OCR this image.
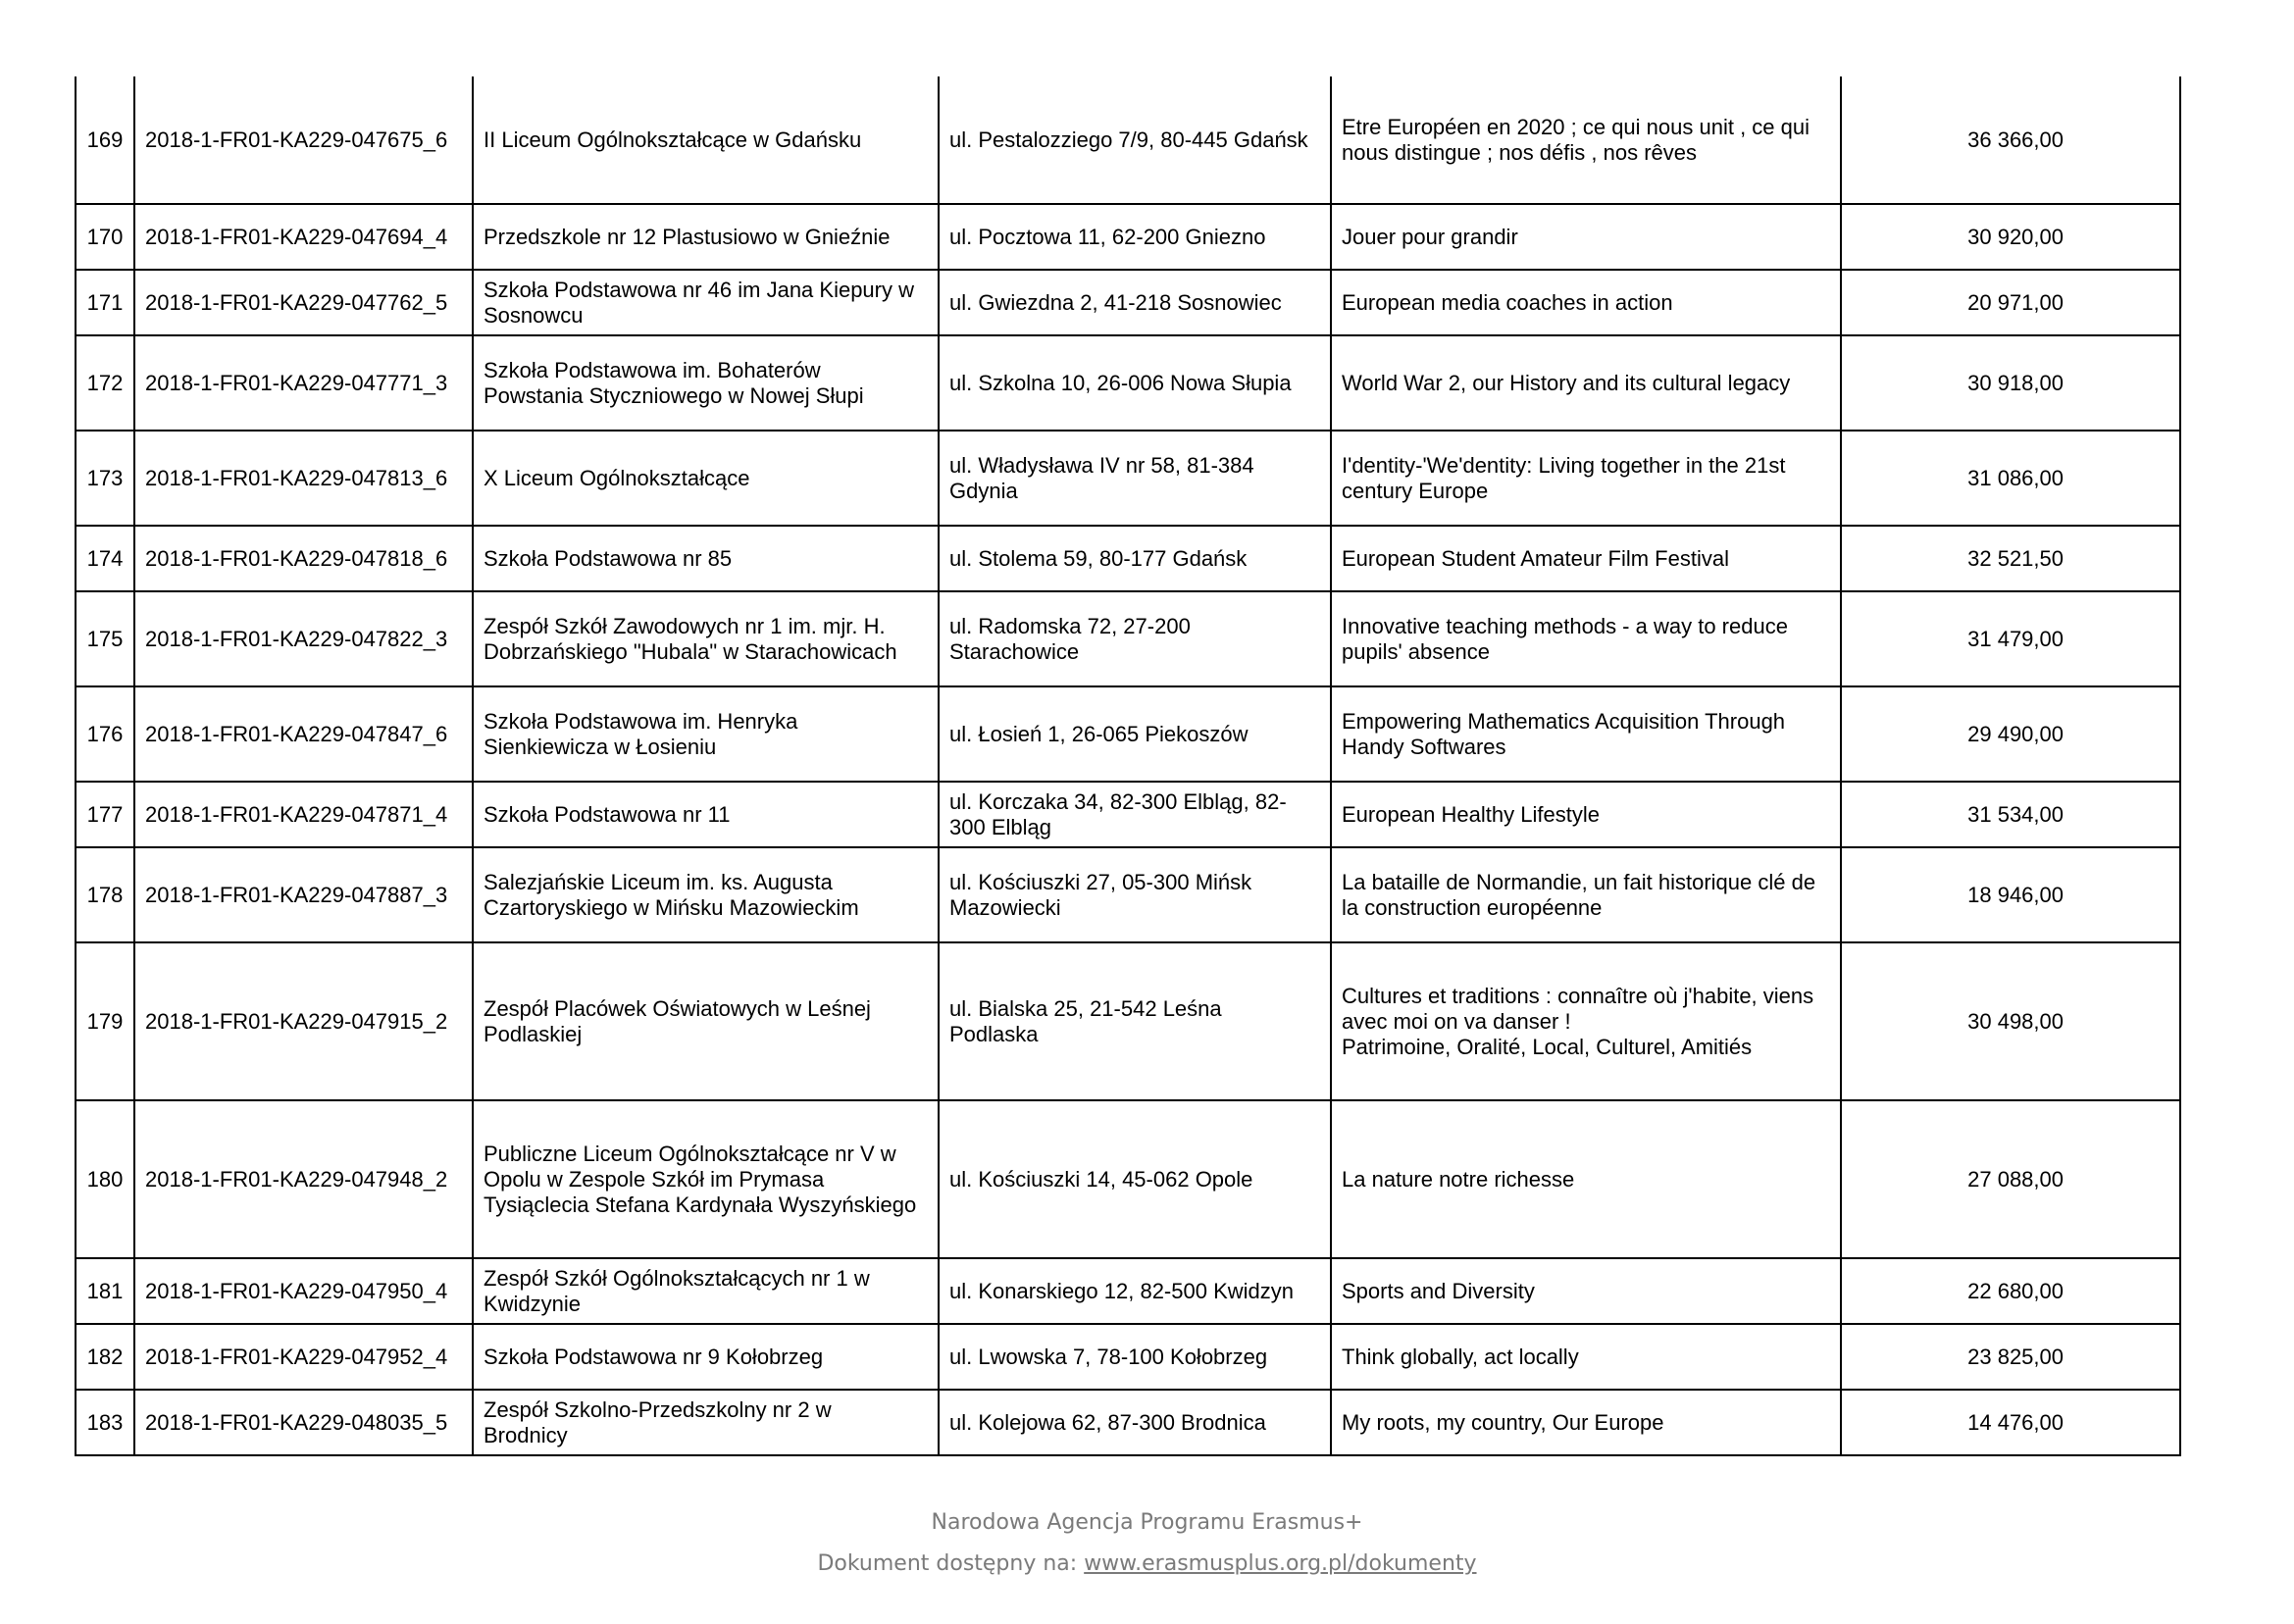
169	2018-1-FR01-KA229-047675_6	II Liceum Ogólnokształcące w Gdańsku	ul. Pestalozziego 7/9, 80-445 Gdańsk	Etre Européen en 2020 ; ce qui nous unit , ce qui
nous distingue ; nos défis , nos rêves	36 366,00
170	2018-1-FR01-KA229-047694_4	Przedszkole nr 12 Plastusiowo w Gnieźnie	ul. Pocztowa 11, 62-200 Gniezno	Jouer pour grandir	30 920,00
171	2018-1-FR01-KA229-047762_5	Szkoła Podstawowa nr 46 im Jana Kiepury w
Sosnowcu	ul. Gwiezdna 2, 41-218 Sosnowiec	European media coaches in action	20 971,00
172	2018-1-FR01-KA229-047771_3	Szkoła Podstawowa im. Bohaterów
Powstania Styczniowego w Nowej Słupi	ul. Szkolna 10, 26-006 Nowa Słupia	World War 2, our History and its cultural legacy	30 918,00
173	2018-1-FR01-KA229-047813_6	X Liceum Ogólnokształcące	ul. Władysława IV nr 58, 81-384
Gdynia	I'dentity-'We'dentity: Living together in the 21st
century Europe	31 086,00
174	2018-1-FR01-KA229-047818_6	Szkoła Podstawowa nr 85	ul. Stolema 59, 80-177 Gdańsk	European Student Amateur Film Festival	32 521,50
175	2018-1-FR01-KA229-047822_3	Zespół Szkół Zawodowych nr 1 im. mjr. H.
Dobrzańskiego "Hubala" w Starachowicach	ul. Radomska 72, 27-200
Starachowice	Innovative teaching methods - a way to reduce
pupils' absence	31 479,00
176	2018-1-FR01-KA229-047847_6	Szkoła Podstawowa im. Henryka
Sienkiewicza w Łosieniu	ul. Łosień 1, 26-065 Piekoszów	Empowering Mathematics Acquisition Through
Handy Softwares	29 490,00
177	2018-1-FR01-KA229-047871_4	Szkoła Podstawowa nr 11	ul. Korczaka 34, 82-300 Elbląg, 82-
300 Elbląg	European Healthy Lifestyle	31 534,00
178	2018-1-FR01-KA229-047887_3	Salezjańskie Liceum im. ks. Augusta
Czartoryskiego w Mińsku Mazowieckim	ul. Kościuszki 27, 05-300 Mińsk
Mazowiecki	La bataille de Normandie, un fait historique clé de
la construction européenne	18 946,00
179	2018-1-FR01-KA229-047915_2	Zespół Placówek Oświatowych w Leśnej
Podlaskiej	ul. Bialska 25, 21-542 Leśna
Podlaska	Cultures et traditions : connaître où j'habite, viens
avec moi on va danser !
Patrimoine, Oralité, Local, Culturel, Amitiés	30 498,00
180	2018-1-FR01-KA229-047948_2	Publiczne Liceum Ogólnokształcące nr V w
Opolu w Zespole Szkół im Prymasa
Tysiąclecia Stefana Kardynała Wyszyńskiego	ul. Kościuszki 14, 45-062 Opole	La nature notre richesse	27 088,00
181	2018-1-FR01-KA229-047950_4	Zespół Szkół Ogólnokształcących nr 1 w
Kwidzynie	ul. Konarskiego 12, 82-500 Kwidzyn	Sports and Diversity	22 680,00
182	2018-1-FR01-KA229-047952_4	Szkoła Podstawowa nr 9 Kołobrzeg	ul. Lwowska 7, 78-100 Kołobrzeg	Think globally, act locally	23 825,00
183	2018-1-FR01-KA229-048035_5	Zespół Szkolno-Przedszkolny nr 2 w
Brodnicy	ul. Kolejowa 62, 87-300 Brodnica	My roots, my country, Our Europe	14 476,00
Narodowa Agencja Programu Erasmus+
Dokument dostępny na: www.erasmusplus.org.pl/dokumenty
